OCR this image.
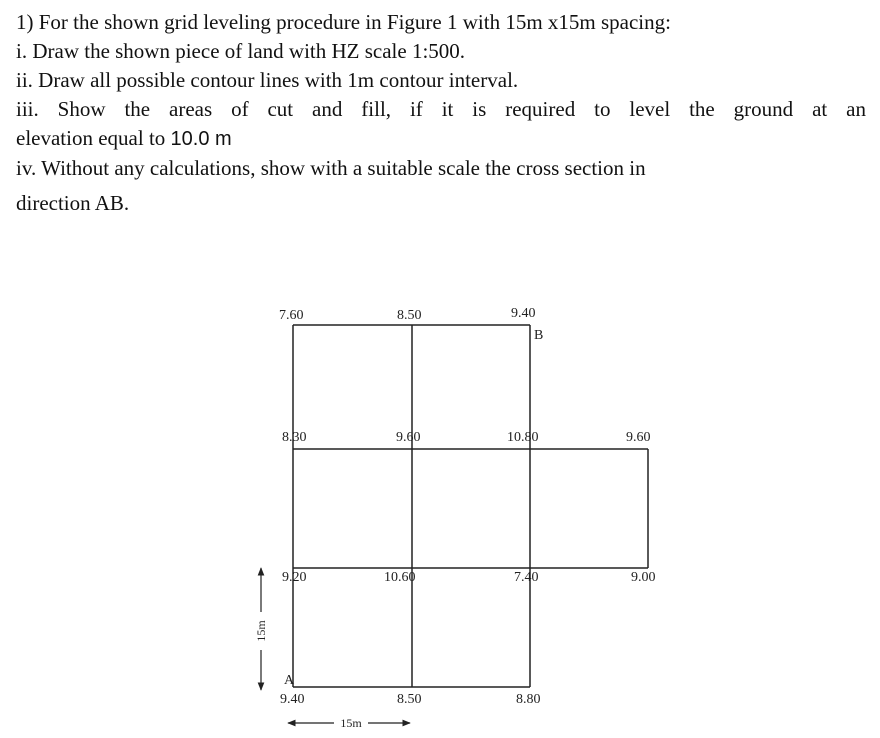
1) For the shown grid leveling procedure in Figure 1 with 15m x15m spacing:
i. Draw the shown piece of land with HZ scale 1:500.
ii. Draw all possible contour lines with 1m contour interval.
iii. Show the areas of cut and fill, if it is required to level the ground at an
elevation equal to 10.0 m
iv. Without any calculations, show with a suitable scale the cross section in
direction AB.
7.60	8.50	9.40
B
8.30	9.60	10.80	9.60
9.20	10.60	7.40	9.00
A
9.40	8.50	8.80
15m
15m
